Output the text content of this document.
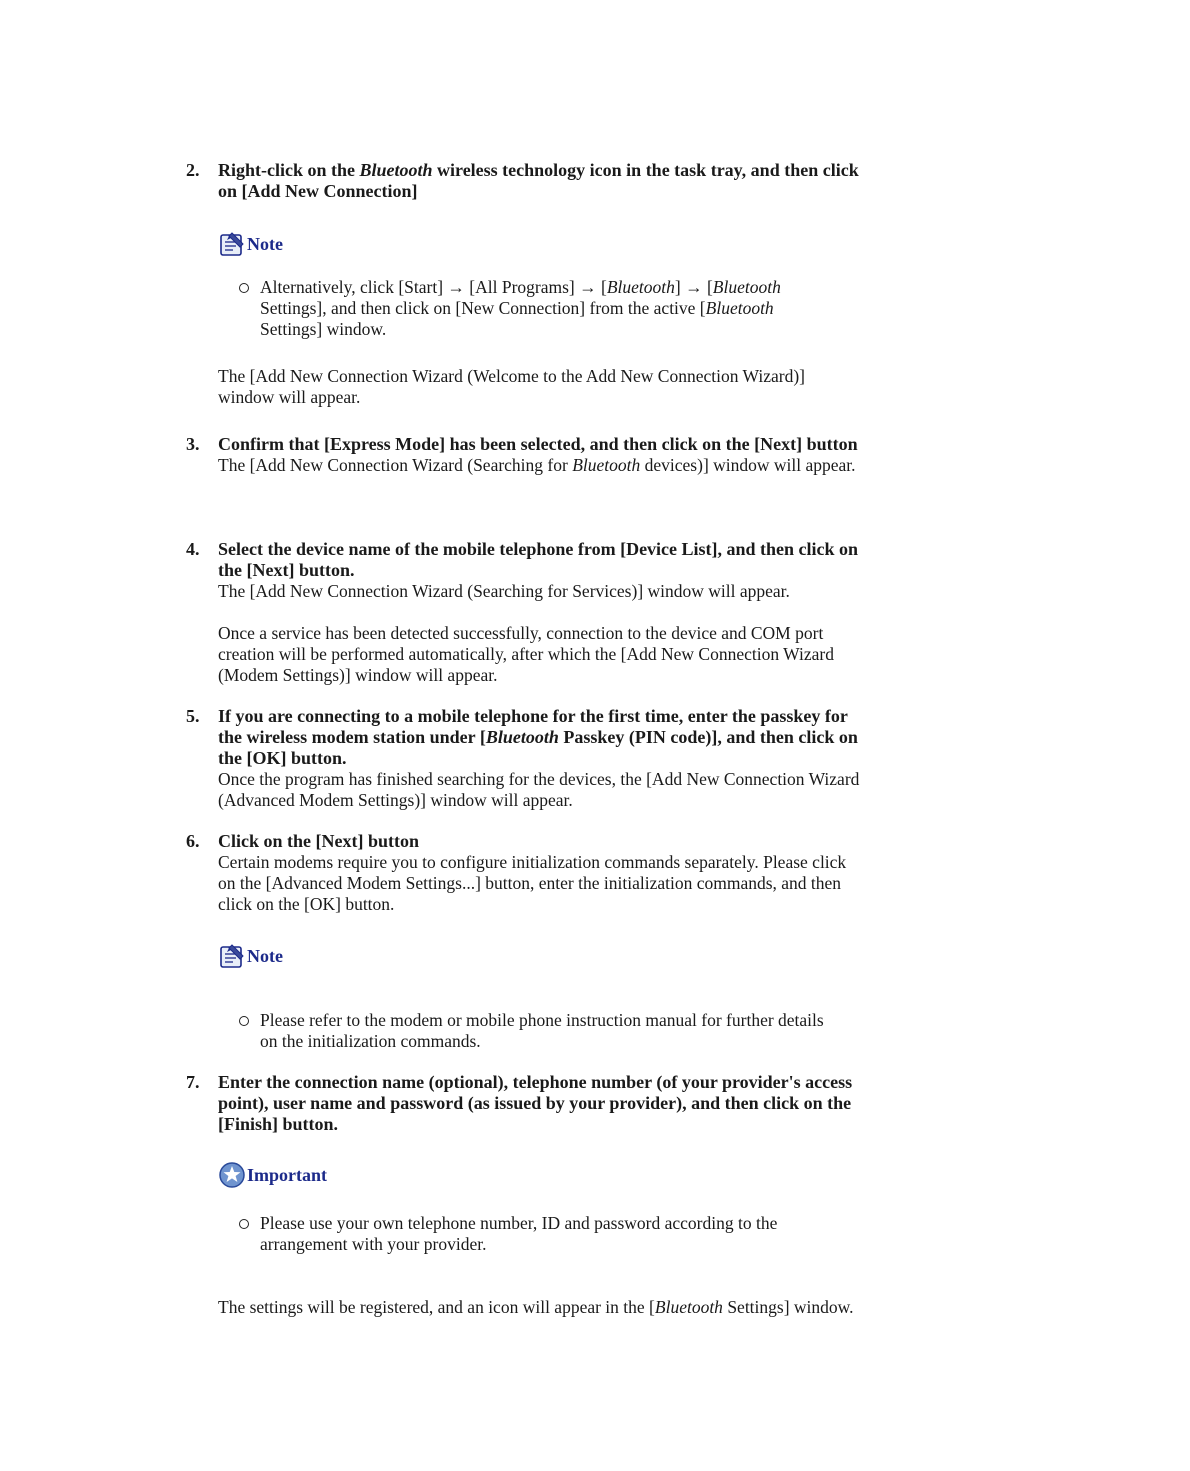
2. Right-click on the Bluetooth wireless technology icon in the task tray, and then click on [Add New Connection]
Note
Alternatively, click [Start] → [All Programs] → [Bluetooth] → [Bluetooth Settings], and then click on [New Connection] from the active [Bluetooth Settings] window.
The [Add New Connection Wizard (Welcome to the Add New Connection Wizard)] window will appear.
3. Confirm that [Express Mode] has been selected, and then click on the [Next] button
The [Add New Connection Wizard (Searching for Bluetooth devices)] window will appear.
4. Select the device name of the mobile telephone from [Device List], and then click on the [Next] button.
The [Add New Connection Wizard (Searching for Services)] window will appear.
Once a service has been detected successfully, connection to the device and COM port creation will be performed automatically, after which the [Add New Connection Wizard (Modem Settings)] window will appear.
5. If you are connecting to a mobile telephone for the first time, enter the passkey for the wireless modem station under [Bluetooth Passkey (PIN code)], and then click on the [OK] button.
Once the program has finished searching for the devices, the [Add New Connection Wizard (Advanced Modem Settings)] window will appear.
6. Click on the [Next] button
Certain modems require you to configure initialization commands separately. Please click on the [Advanced Modem Settings...] button, enter the initialization commands, and then click on the [OK] button.
Note
Please refer to the modem or mobile phone instruction manual for further details on the initialization commands.
7. Enter the connection name (optional), telephone number (of your provider's access point), user name and password (as issued by your provider), and then click on the [Finish] button.
Important
Please use your own telephone number, ID and password according to the arrangement with your provider.
The settings will be registered, and an icon will appear in the [Bluetooth Settings] window.
